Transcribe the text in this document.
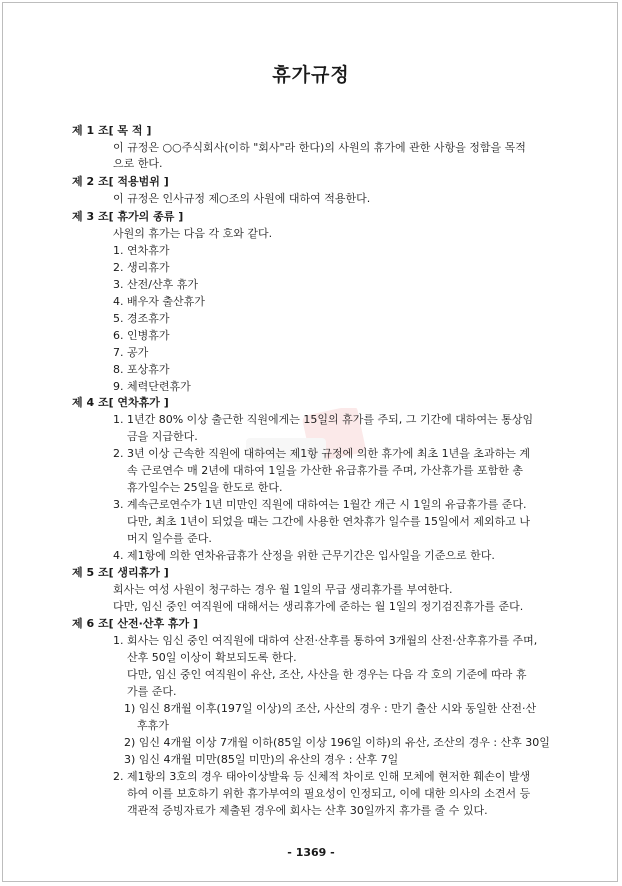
휴가규정
제 1 조[ 목 적 ]
이 규정은 ○○주식회사(이하 "회사"라 한다)의 사원의 휴가에 관한 사항을 정함을 목적
으로 한다.
제 2 조[ 적용범위 ]
이 규정은 인사규정 제○조의 사원에 대하여 적용한다.
제 3 조[ 휴가의 종류 ]
사원의 휴가는 다음 각 호와 같다.
1. 연차휴가
2. 생리휴가
3. 산전/산후 휴가
4. 배우자 출산휴가
5. 경조휴가
6. 인병휴가
7. 공가
8. 포상휴가
9. 체력단련휴가
제 4 조[ 연차휴가 ]
1. 1년간 80% 이상 출근한 직원에게는 15일의 휴가를 주되, 그 기간에 대하여는 통상임
금을 지급한다.
2. 3년 이상 근속한 직원에 대하여는 제1항 규정에 의한 휴가에 최초 1년을 초과하는 계
속 근로연수 매 2년에 대하여 1일을 가산한 유급휴가를 주며, 가산휴가를 포함한 총
휴가일수는 25일을 한도로 한다.
3. 계속근로연수가 1년 미만인 직원에 대하여는 1월간 개근 시 1일의 유급휴가를 준다.
다만, 최초 1년이 되었을 때는 그간에 사용한 연차휴가 일수를 15일에서 제외하고 나
머지 일수를 준다.
4. 제1항에 의한 연차유급휴가 산정을 위한 근무기간은 입사일을 기준으로 한다.
제 5 조[ 생리휴가 ]
회사는 여성 사원이 청구하는 경우 월 1일의 무급 생리휴가를 부여한다.
다만, 임신 중인 여직원에 대해서는 생리휴가에 준하는 월 1일의 정기검진휴가를 준다.
제 6 조[ 산전·산후 휴가 ]
1. 회사는 임신 중인 여직원에 대하여 산전·산후를 통하여 3개월의 산전·산후휴가를 주며,
산후 50일 이상이 확보되도록 한다.
다만, 임신 중인 여직원이 유산, 조산, 사산을 한 경우는 다음 각 호의 기준에 따라 휴
가를 준다.
1) 임신 8개월 이후(197일 이상)의 조산, 사산의 경우 : 만기 출산 시와 동일한 산전·산
후휴가
2) 임신 4개월 이상 7개월 이하(85일 이상 196일 이하)의 유산, 조산의 경우 : 산후 30일
3) 임신 4개월 미만(85일 미만)의 유산의 경우 : 산후 7일
2. 제1항의 3호의 경우 태아이상발육 등 신체적 차이로 인해 모체에 현저한 훼손이 발생
하여 이를 보호하기 위한 휴가부여의 필요성이 인정되고, 이에 대한 의사의 소견서 등
객관적 증빙자료가 제출된 경우에 회사는 산후 30일까지 휴가를 줄 수 있다.
- 1369 -
